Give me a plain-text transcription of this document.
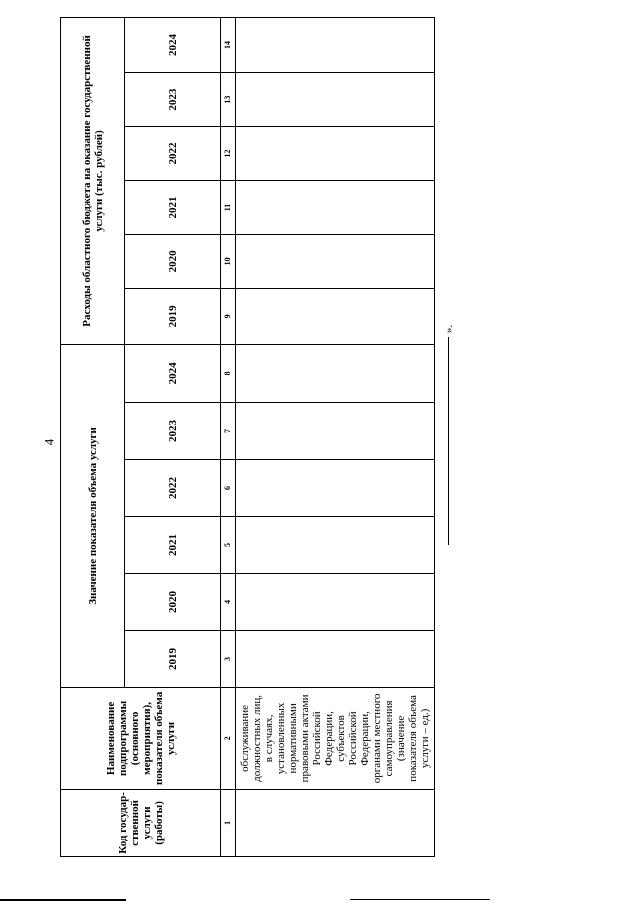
4
Код государ-ственной услуги (работы)	Наименование подпрограммы (основного мероприятия), показателя объема услуги	Значение показателя объема услуги						Расходы областного бюджета на оказание государственной услуги (тыс. рублей)					
		2019	2020	2021	2022	2023	2024	2019	2020	2021	2022	2023	2024
1	2	3	4	5	6	7	8	9	10	11	12	13	14
	обслуживание должностных лиц, в случаях, установленных нормативными правовыми актами Российской Федерации, субъектов Российской Федерации, органами местного самоуправления (значение показателя объема услуги – ед.)												
».
